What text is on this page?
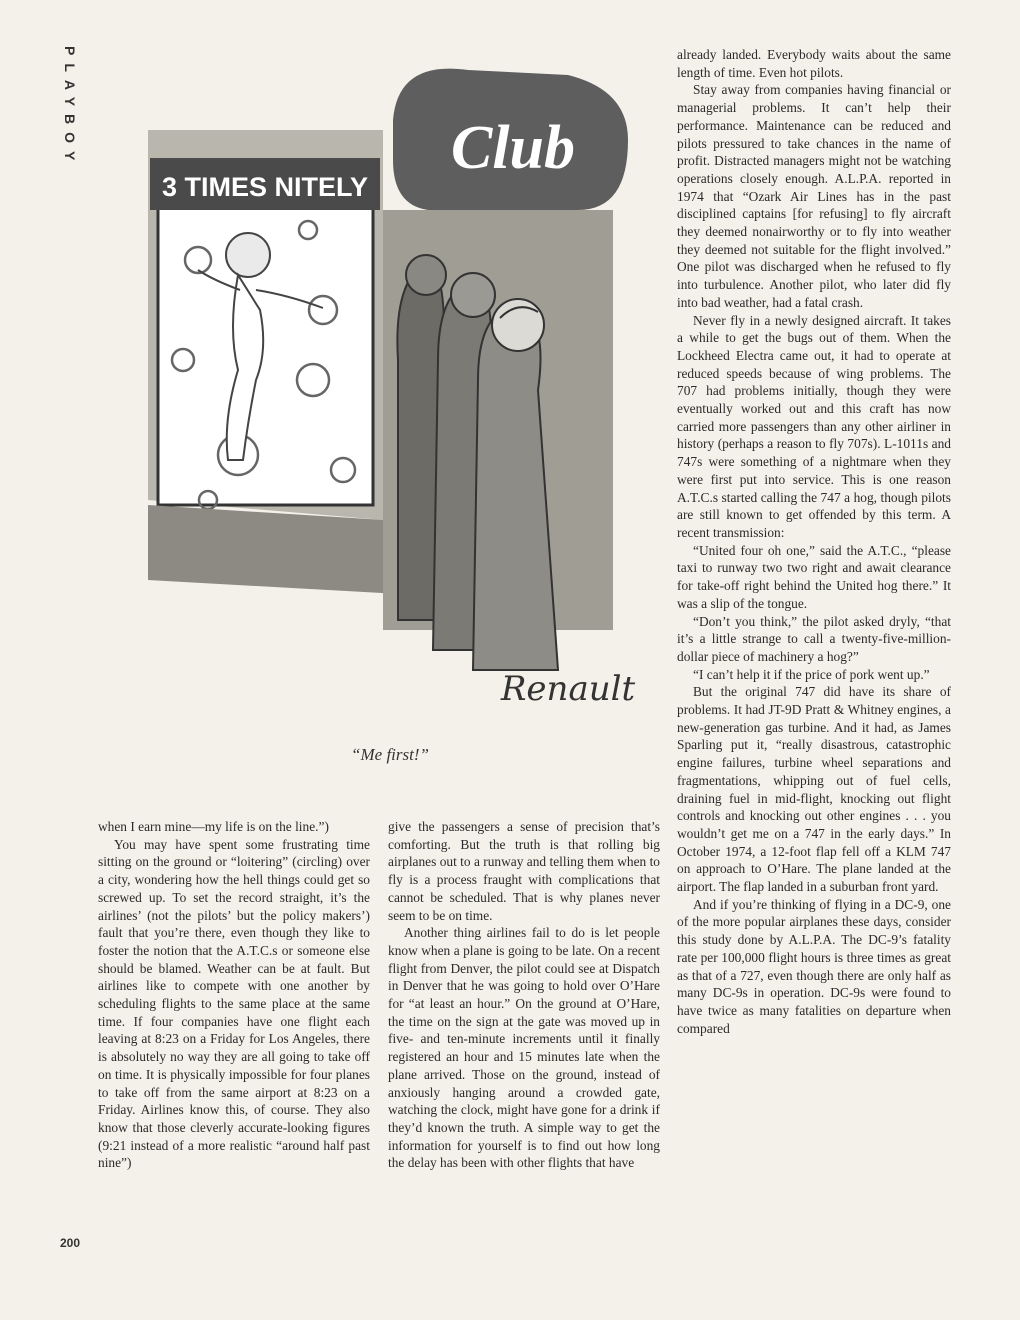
PLAYBOY
3 TIMES NITELY
Club
Renault
“Me first!”

when I earn mine—my life is on the line.”)

You may have spent some frustrating time sitting on the ground or “loitering” (circling) over a city, wondering how the hell things could get so screwed up. To set the record straight, it’s the airlines’ (not the pilots’ but the policy makers’) fault that you’re there, even though they like to foster the notion that the A.T.C.s or someone else should be blamed. Weather can be at fault. But airlines like to compete with one another by scheduling flights to the same place at the same time. If four companies have one flight each leaving at 8:23 on a Friday for Los Angeles, there is absolutely no way they are all going to take off on time. It is physically impossible for four planes to take off from the same airport at 8:23 on a Friday. Airlines know this, of course. They also know that those cleverly accurate-looking figures (9:21 instead of a more realistic “around half past nine”)

give the passengers a sense of precision that’s comforting. But the truth is that rolling big airplanes out to a runway and telling them when to fly is a process fraught with complications that cannot be scheduled. That is why planes never seem to be on time.

Another thing airlines fail to do is let people know when a plane is going to be late. On a recent flight from Denver, the pilot could see at Dispatch in Denver that he was going to hold over O’Hare for “at least an hour.” On the ground at O’Hare, the time on the sign at the gate was moved up in five- and ten-minute increments until it finally registered an hour and 15 minutes late when the plane arrived. Those on the ground, instead of anxiously hanging around a crowded gate, watching the clock, might have gone for a drink if they’d known the truth. A simple way to get the information for yourself is to find out how long the delay has been with other flights that have

already landed. Everybody waits about the same length of time. Even hot pilots.

Stay away from companies having financial or managerial problems. It can’t help their performance. Maintenance can be reduced and pilots pressured to take chances in the name of profit. Distracted managers might not be watching operations closely enough. A.L.P.A. reported in 1974 that “Ozark Air Lines has in the past disciplined captains [for refusing] to fly aircraft they deemed nonairworthy or to fly into weather they deemed not suitable for the flight involved.” One pilot was discharged when he refused to fly into turbulence. Another pilot, who later did fly into bad weather, had a fatal crash.

Never fly in a newly designed aircraft. It takes a while to get the bugs out of them. When the Lockheed Electra came out, it had to operate at reduced speeds because of wing problems. The 707 had problems initially, though they were eventually worked out and this craft has now carried more passengers than any other airliner in history (perhaps a reason to fly 707s). L-1011s and 747s were something of a nightmare when they were first put into service. This is one reason A.T.C.s started calling the 747 a hog, though pilots are still known to get offended by this term. A recent transmission:

“United four oh one,” said the A.T.C., “please taxi to runway two two right and await clearance for take-off right behind the United hog there.” It was a slip of the tongue.

“Don’t you think,” the pilot asked dryly, “that it’s a little strange to call a twenty-five-million-dollar piece of machinery a hog?”

“I can’t help it if the price of pork went up.”

But the original 747 did have its share of problems. It had JT-9D Pratt & Whitney engines, a new-generation gas turbine. And it had, as James Sparling put it, “really disastrous, catastrophic engine failures, turbine wheel separations and fragmentations, whipping out of fuel cells, draining fuel in mid-flight, knocking out flight controls and knocking out other engines . . . you wouldn’t get me on a 747 in the early days.” In October 1974, a 12-foot flap fell off a KLM 747 on approach to O’Hare. The plane landed at the airport. The flap landed in a suburban front yard.

And if you’re thinking of flying in a DC-9, one of the more popular airplanes these days, consider this study done by A.L.P.A. The DC-9’s fatality rate per 100,000 flight hours is three times as great as that of a 727, even though there are only half as many DC-9s in operation. DC-9s were found to have twice as many fatalities on departure when compared

200
